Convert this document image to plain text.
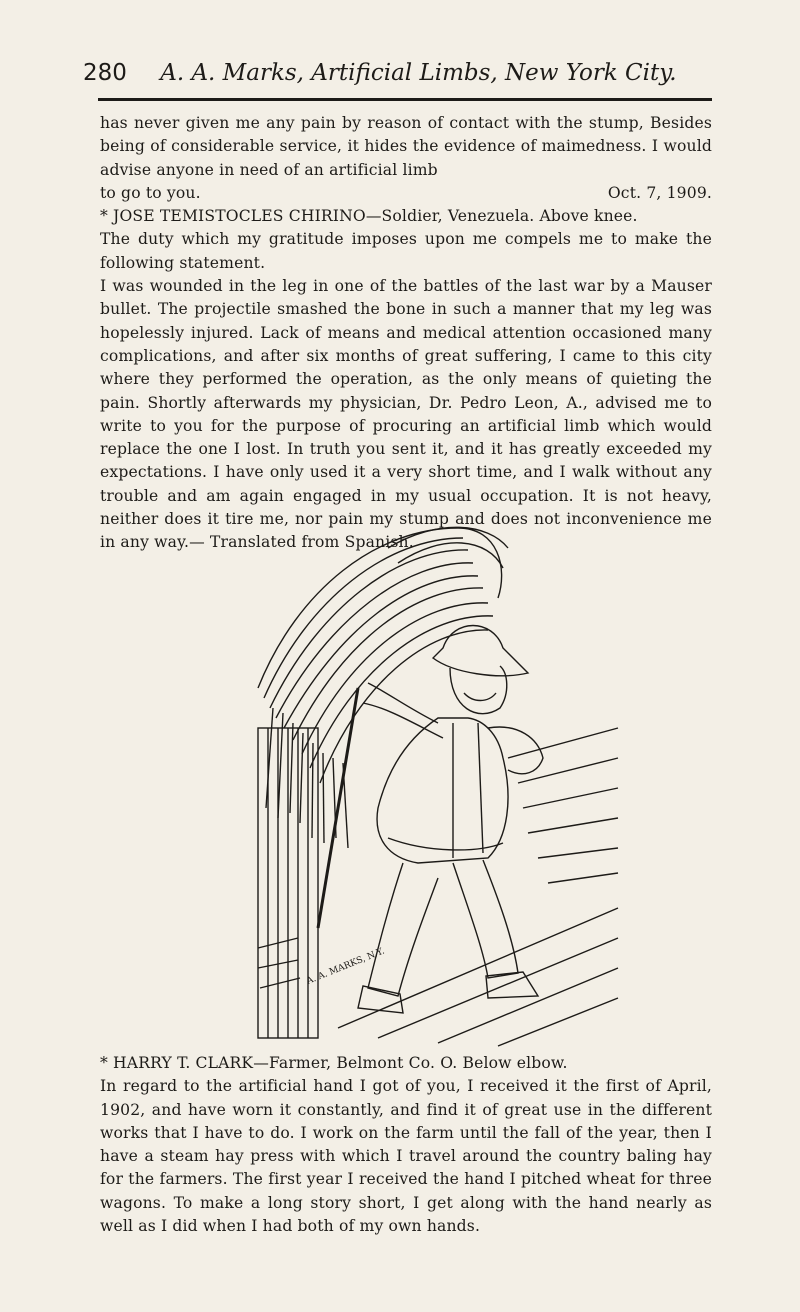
280 A. A. Marks, Artificial Limbs, New York City.

has never given me any pain by reason of contact with the stump, Besides being of considerable service, it hides the evidence of maimedness. I would advise anyone in need of an artificial limb

to go to you.	Oct. 7, 1909.

* JOSE TEMISTOCLES CHIRINO—Soldier, Venezuela. Above knee.

The duty which my gratitude imposes upon me compels me to make the following statement.

I was wounded in the leg in one of the battles of the last war by a Mauser bullet. The projectile smashed the bone in such a manner that my leg was hopelessly injured. Lack of means and medical attention occasioned many complications, and after six months of great suffering, I came to this city where they performed the operation, as the only means of quieting the pain. Shortly afterwards my physician, Dr. Pedro Leon, A., advised me to write to you for the purpose of procuring an artificial limb which would replace the one I lost. In truth you sent it, and it has greatly exceeded my expectations. I have only used it a very short time, and I walk without any trouble and am again engaged in my usual occupation. It is not heavy, neither does it tire me, nor pain my stump and does not inconvenience me in any way.— Translated from Spanish.

A. A. MARKS, N.Y.

* HARRY T. CLARK—Farmer, Belmont Co. O. Below elbow.

In regard to the artificial hand I got of you, I received it the first of April, 1902, and have worn it constantly, and find it of great use in the different works that I have to do. I work on the farm until the fall of the year, then I have a steam hay press with which I travel around the country baling hay for the farmers. The first year I received the hand I pitched wheat for three wagons. To make a long story short, I get along with the hand nearly as well as I did when I had both of my own hands.
